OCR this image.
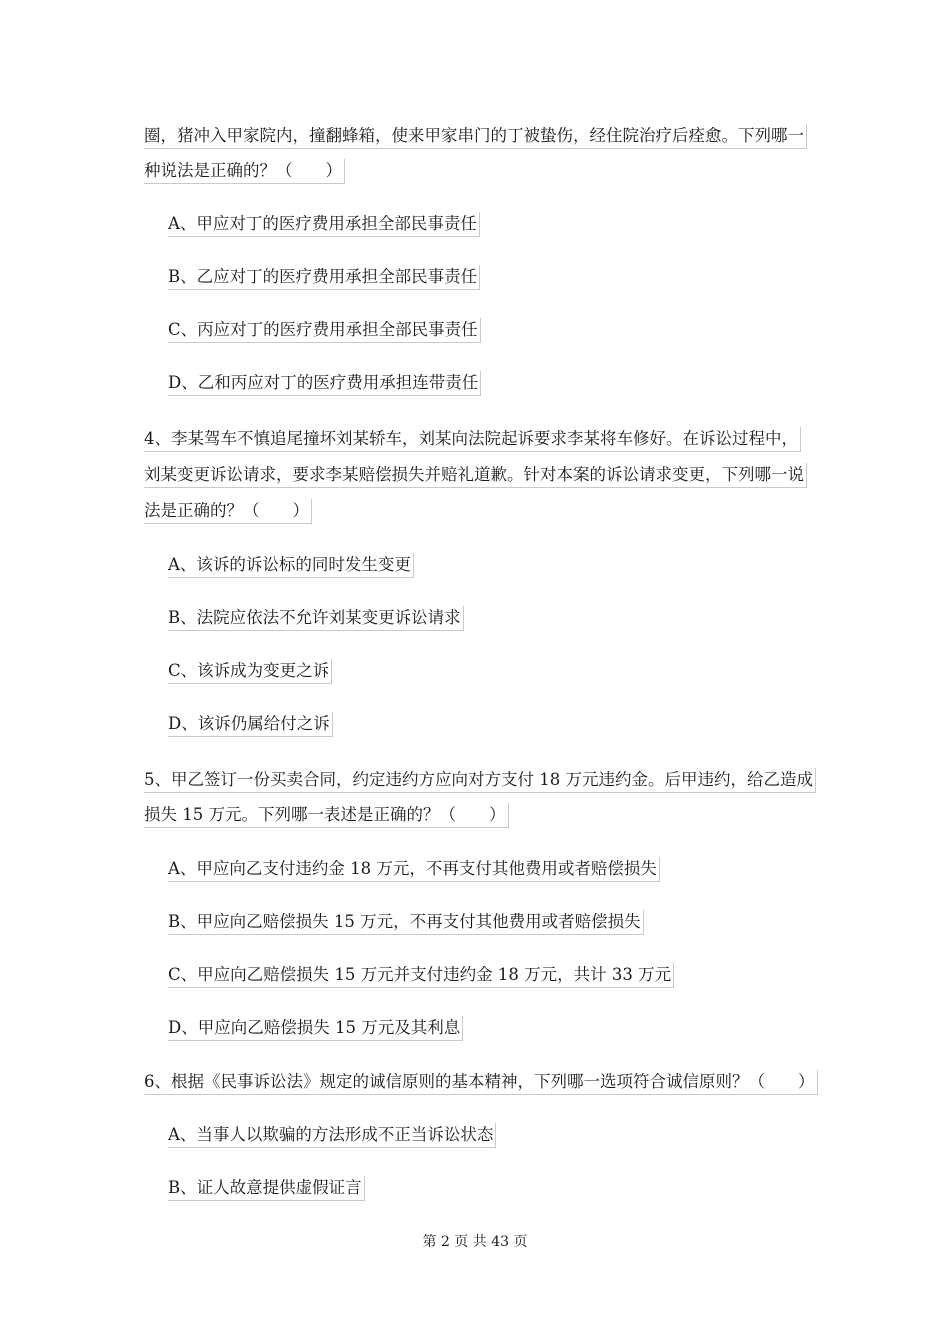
圈，猪冲入甲家院内，撞翻蜂箱，使来甲家串门的丁被蛰伤，经住院治疗后痊愈。下列哪一
种说法是正确的？（　　）
A、甲应对丁的医疗费用承担全部民事责任
B、乙应对丁的医疗费用承担全部民事责任
C、丙应对丁的医疗费用承担全部民事责任
D、乙和丙应对丁的医疗费用承担连带责任
4、李某驾车不慎追尾撞坏刘某轿车，刘某向法院起诉要求李某将车修好。在诉讼过程中，
刘某变更诉讼请求，要求李某赔偿损失并赔礼道歉。针对本案的诉讼请求变更，下列哪一说
法是正确的？（　　）
A、该诉的诉讼标的同时发生变更
B、法院应依法不允许刘某变更诉讼请求
C、该诉成为变更之诉
D、该诉仍属给付之诉
5、甲乙签订一份买卖合同，约定违约方应向对方支付 18 万元违约金。后甲违约，给乙造成
损失 15 万元。下列哪一表述是正确的？（　　）
A、甲应向乙支付违约金 18 万元，不再支付其他费用或者赔偿损失
B、甲应向乙赔偿损失 15 万元，不再支付其他费用或者赔偿损失
C、甲应向乙赔偿损失 15 万元并支付违约金 18 万元，共计 33 万元
D、甲应向乙赔偿损失 15 万元及其利息
6、根据《民事诉讼法》规定的诚信原则的基本精神，下列哪一选项符合诚信原则？（　　）
A、当事人以欺骗的方法形成不正当诉讼状态
B、证人故意提供虚假证言
第 2 页 共 43 页
